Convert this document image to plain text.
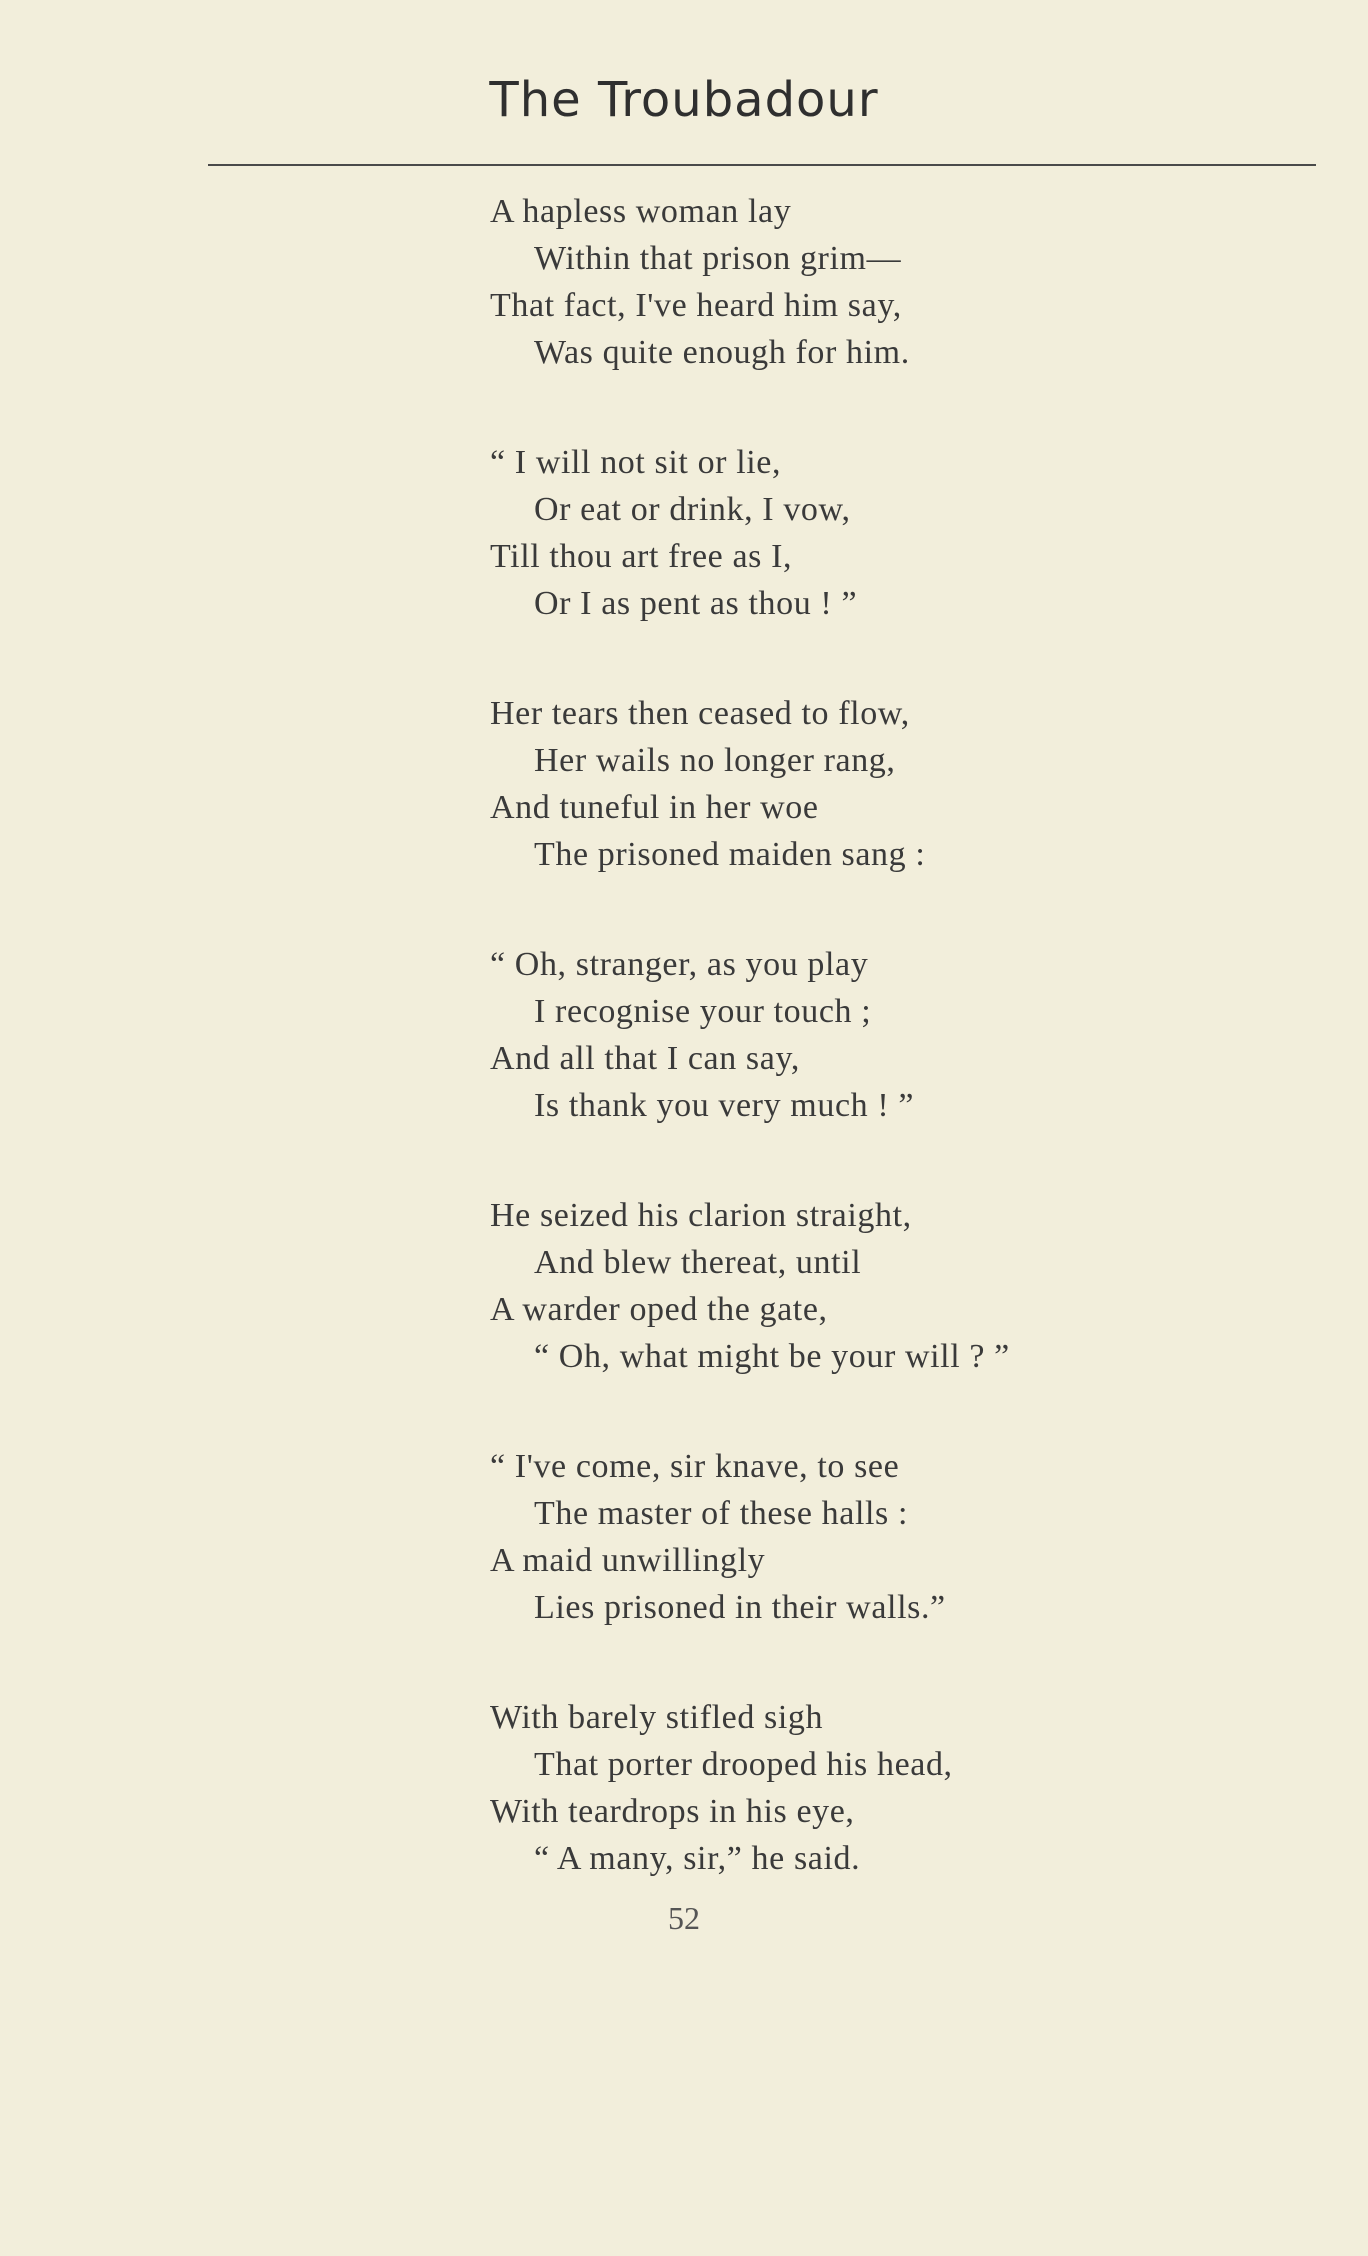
The Troubadour
A hapless woman lay
Within that prison grim—
That fact, I've heard him say,
Was quite enough for him.
“ I will not sit or lie,
Or eat or drink, I vow,
Till thou art free as I,
Or I as pent as thou ! ”
Her tears then ceased to flow,
Her wails no longer rang,
And tuneful in her woe
The prisoned maiden sang :
“ Oh, stranger, as you play
I recognise your touch ;
And all that I can say,
Is thank you very much ! ”
He seized his clarion straight,
And blew thereat, until
A warder oped the gate,
“ Oh, what might be your will ? ”
“ I've come, sir knave, to see
The master of these halls :
A maid unwillingly
Lies prisoned in their walls.”
With barely stifled sigh
That porter drooped his head,
With teardrops in his eye,
“ A many, sir,” he said.
52
